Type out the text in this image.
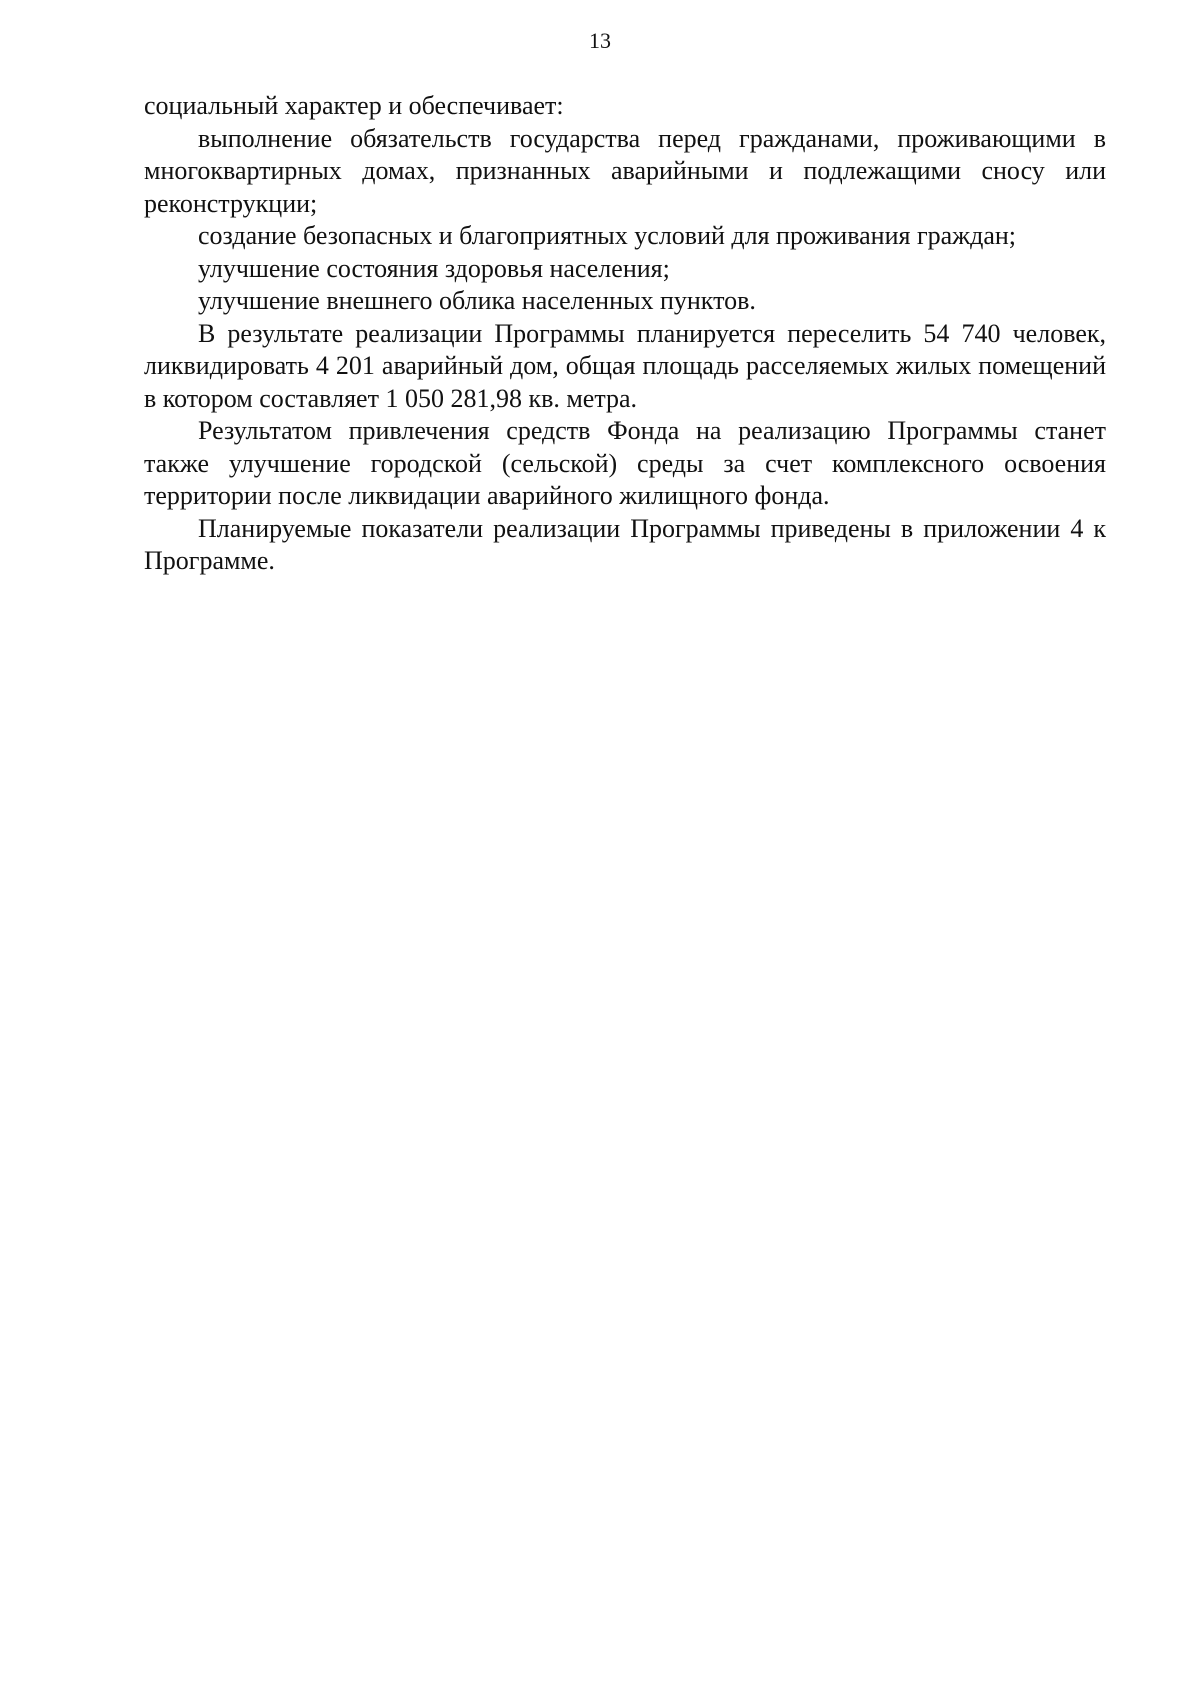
13

социальный характер и обеспечивает:

выполнение обязательств государства перед гражданами, проживающими в многоквартирных домах, признанных аварийными и подлежащими сносу или реконструкции;

создание безопасных и благоприятных условий для проживания граждан;

улучшение состояния здоровья населения;

улучшение внешнего облика населенных пунктов.

В результате реализации Программы планируется переселить 54 740 человек, ликвидировать 4 201 аварийный дом, общая площадь расселяемых жилых помещений в котором составляет 1 050 281,98 кв. метра.

Результатом привлечения средств Фонда на реализацию Программы станет также улучшение городской (сельской) среды за счет комплексного освоения территории после ликвидации аварийного жилищного фонда.

Планируемые показатели реализации Программы приведены в приложении 4 к Программе.
